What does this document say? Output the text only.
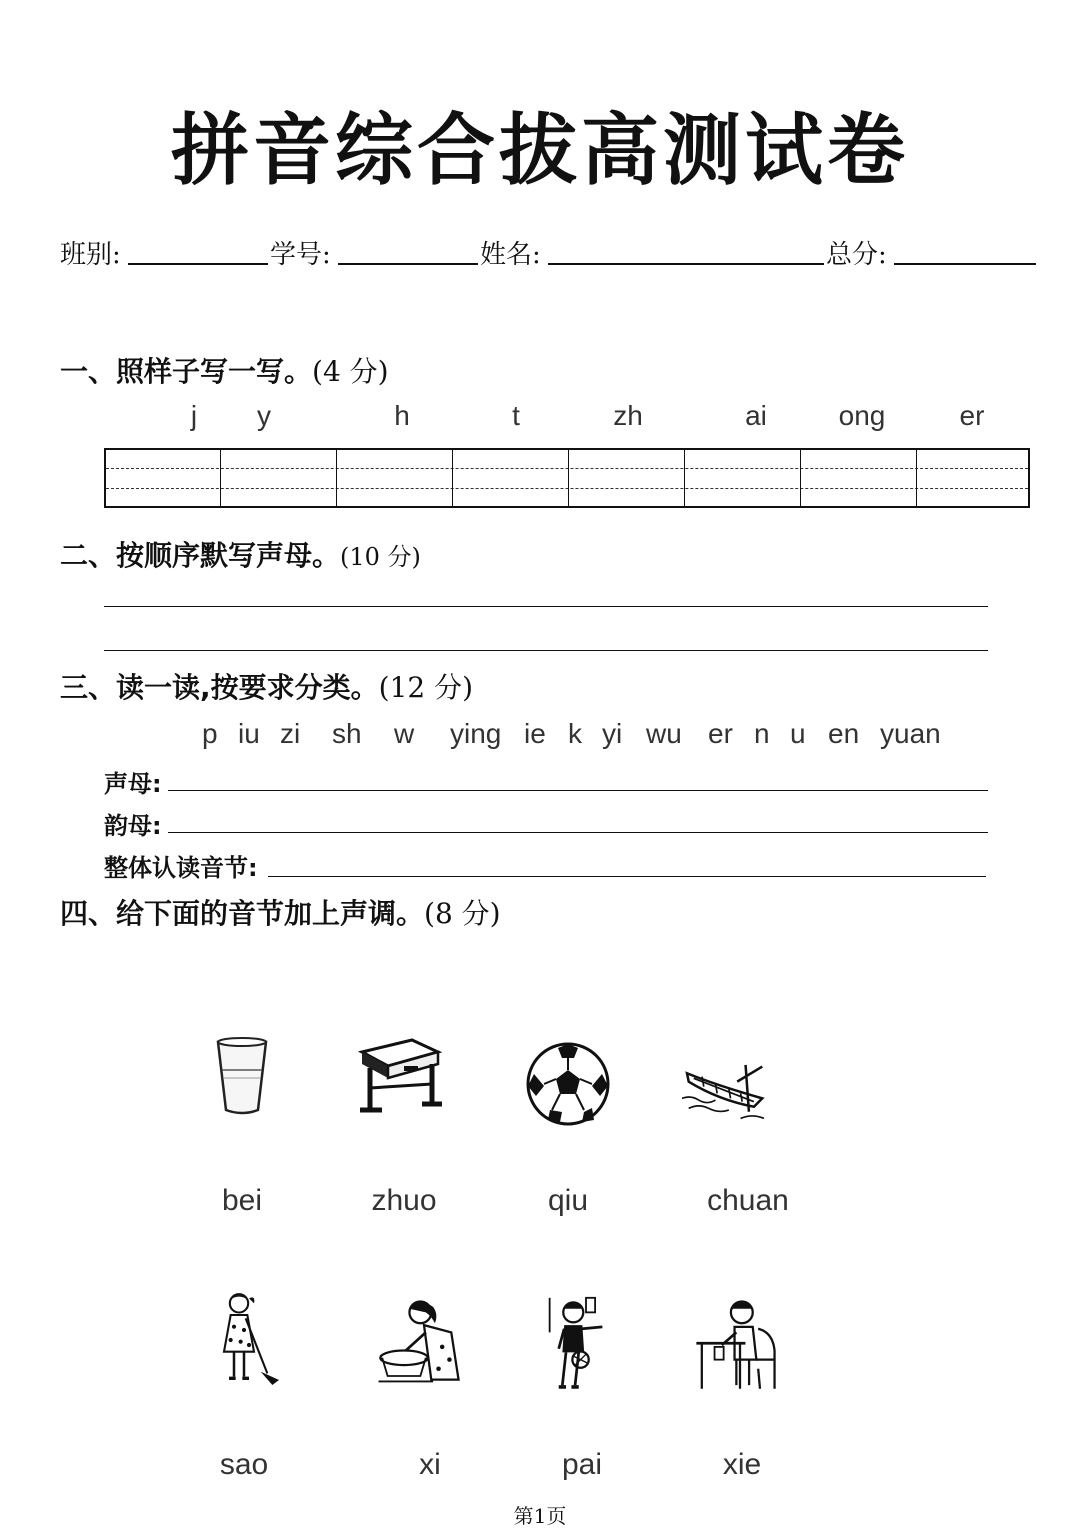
拼音综合拔高测试卷
班别:	学号:	姓名:	总分:
一、照样子写一写。(4 分)
j	y	h	t	zh	ai	ong	er
二、按顺序默写声母。(10 分)
三、读一读,按要求分类。(12 分)
p iu zi sh w ying ie k yi wu er n u en yuan
声母:
韵母:
整体认读音节:
四、给下面的音节加上声调。(8 分)
bei	zhuo	qiu	chuan
sao	xi	pai	xie
第1页
